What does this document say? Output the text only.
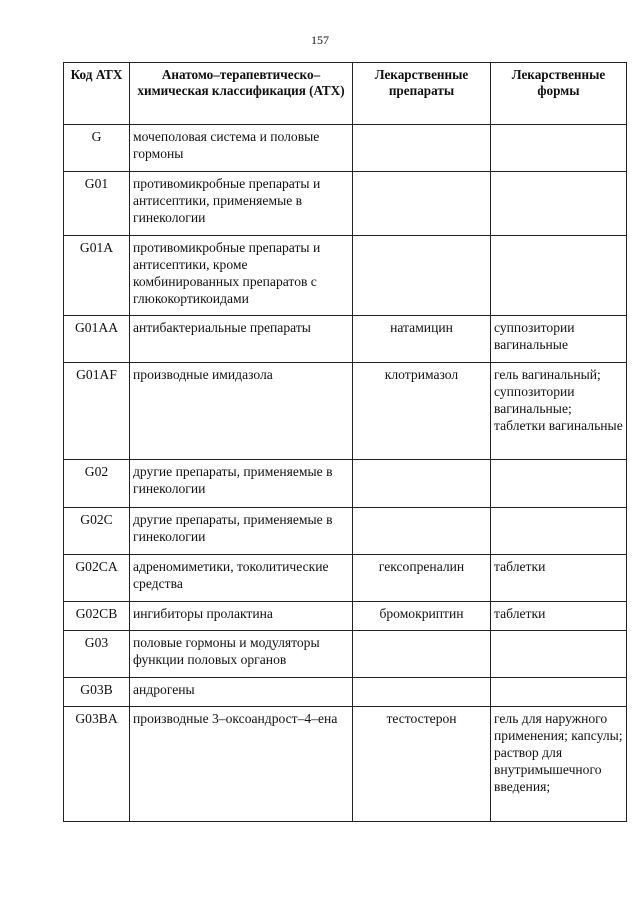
157
Код АТХ	Анатомо–терапевтическо–химическая классификация (АТХ)	Лекарственные препараты	Лекарственные формы
G	мочеполовая система и половые гормоны		
G01	противомикробные препараты и антисептики, применяемые в гинекологии		
G01A	противомикробные препараты и антисептики, кроме комбинированных препаратов с глюкокортикоидами		
G01AA	антибактериальные препараты	натамицин	суппозитории вагинальные
G01AF	производные имидазола	клотримазол	гель вагинальный; суппозитории вагинальные; таблетки вагинальные
G02	другие препараты, применяемые в гинекологии		
G02C	другие препараты, применяемые в гинекологии		
G02CA	адреномиметики, токолитические средства	гексопреналин	таблетки
G02CB	ингибиторы пролактина	бромокриптин	таблетки
G03	половые гормоны и модуляторы функции половых органов		
G03B	андрогены		
G03BA	производные 3–оксоандрост–4–ена	тестостерон	гель для наружного применения; капсулы; раствор для внутримышечного введения;
